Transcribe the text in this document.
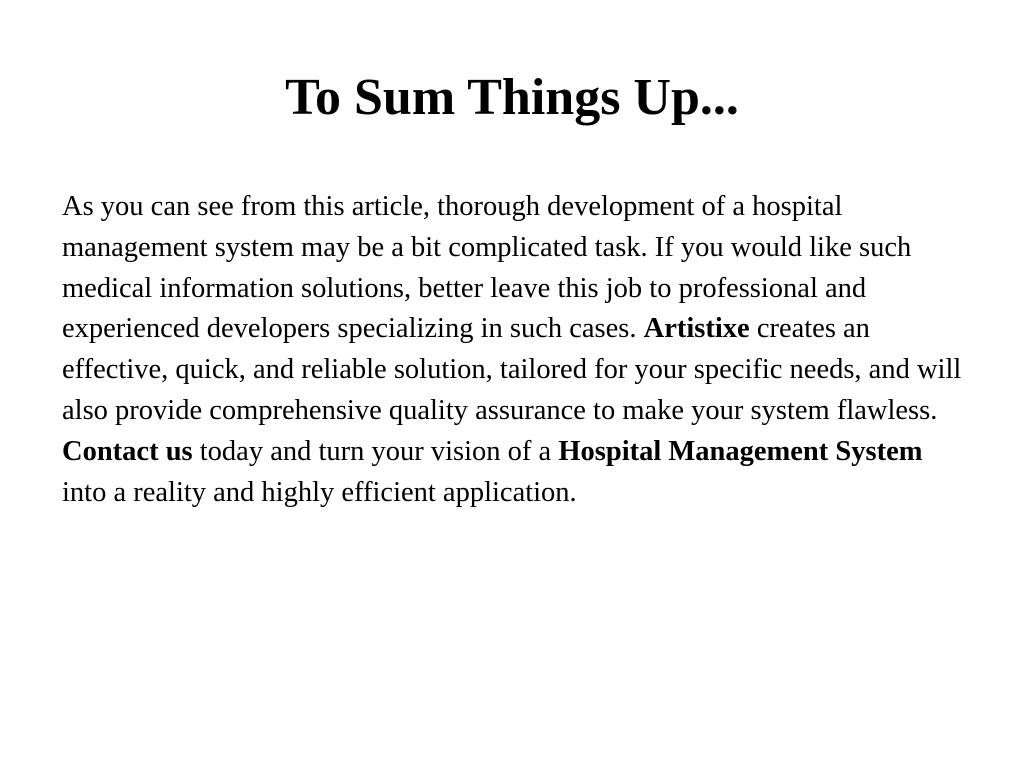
To Sum Things Up...

As you can see from this article, thorough development of a hospital management system may be a bit complicated task. If you would like such medical information solutions, better leave this job to professional and experienced developers specializing in such cases. Artistixe creates an effective, quick, and reliable solution, tailored for your specific needs, and will also provide comprehensive quality assurance to make your system flawless. Contact us today and turn your vision of a Hospital Management System into a reality and highly efficient application.
